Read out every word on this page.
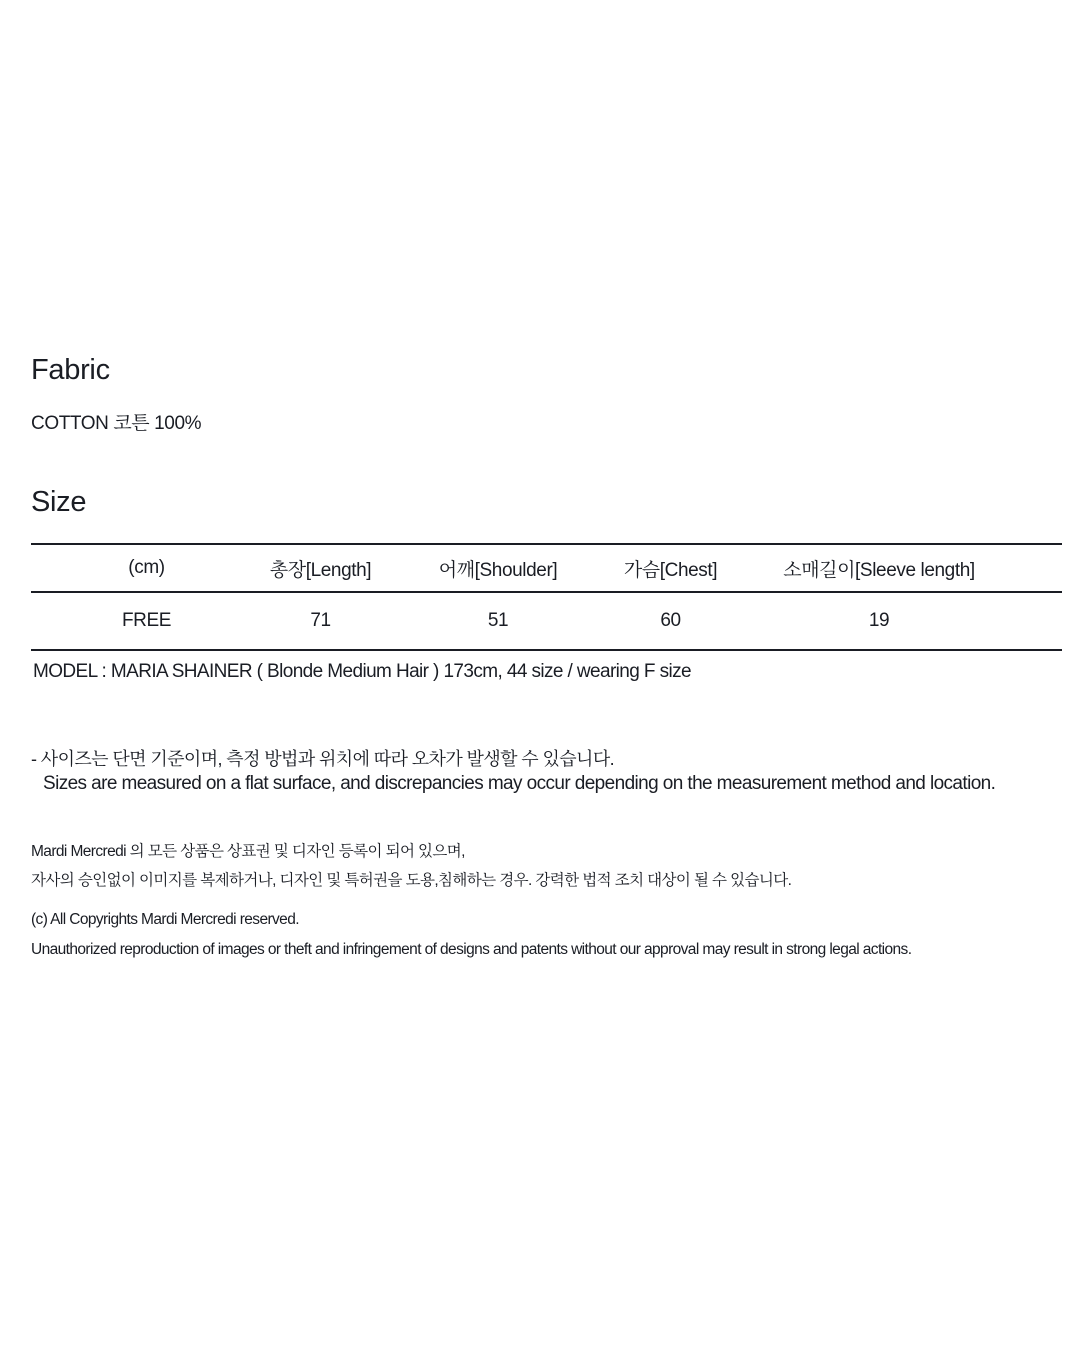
Fabric
COTTON 코튼 100%
Size
(cm)	총장[Length]	어깨[Shoulder]	가슴[Chest]	소매길이[Sleeve length]	
FREE	71	51	60	19	
MODEL : MARIA SHAINER ( Blonde Medium Hair ) 173cm, 44 size / wearing F size
- 사이즈는 단면 기준이며, 측정 방법과 위치에 따라 오차가 발생할 수 있습니다.
Sizes are measured on a flat surface, and discrepancies may occur depending on the measurement method and location.
Mardi Mercredi 의 모든 상품은 상표권 및 디자인 등록이 되어 있으며,
자사의 승인없이 이미지를 복제하거나, 디자인 및 특허권을 도용,침해하는 경우. 강력한 법적 조치 대상이 될 수 있습니다.
(c) All Copyrights Mardi Mercredi reserved.
Unauthorized reproduction of images or theft and infringement of designs and patents without our approval may result in strong legal actions.
